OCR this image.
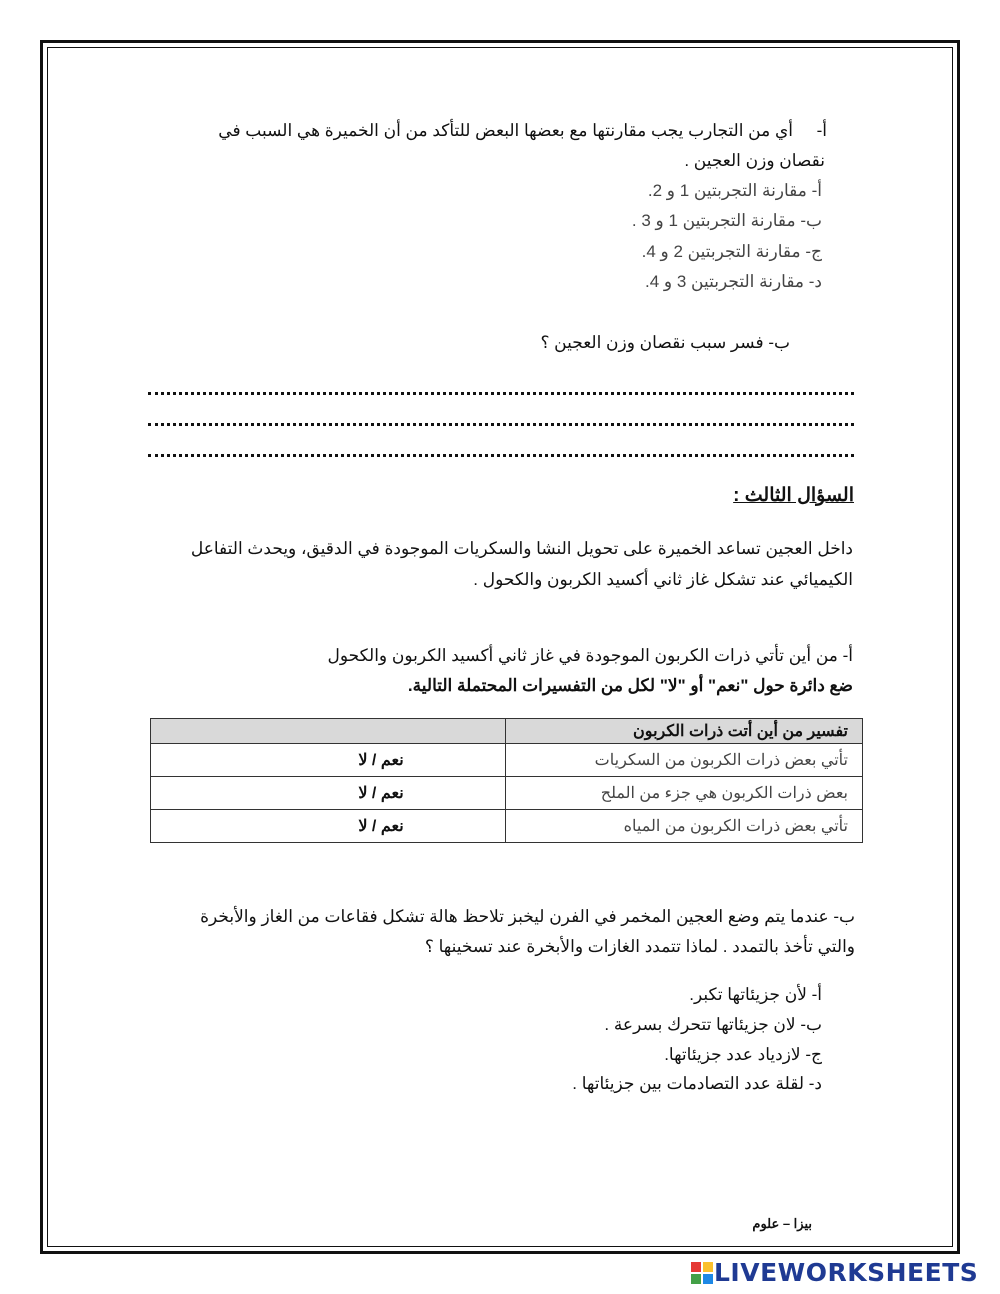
أ-
أي من التجارب يجب مقارنتها مع بعضها البعض للتأكد من أن الخميرة هي السبب في
نقصان وزن العجين .
أ- مقارنة التجربتين 1 و 2.
ب- مقارنة التجربتين 1 و 3 .
ج- مقارنة التجربتين 2 و 4.
د- مقارنة التجربتين 3 و 4.
ب- فسر سبب نقصان وزن العجين ؟
السؤال الثالث :
داخل العجين تساعد الخميرة على تحويل النشا والسكريات الموجودة في الدقيق، ويحدث التفاعل
الكيميائي عند تشكل غاز ثاني أكسيد الكربون والكحول .
أ- من أين تأتي ذرات الكربون الموجودة في غاز ثاني أكسيد الكربون والكحول
ضع دائرة حول "نعم" أو "لا" لكل من التفسيرات المحتملة التالية.
تفسير من أين أتت ذرات الكربون	
تأتي بعض ذرات الكربون من السكريات	نعم / لا
بعض ذرات الكربون هي جزء من الملح	نعم / لا
تأتي بعض ذرات الكربون من المياه	نعم / لا
ب- عندما يتم وضع العجين المخمر في الفرن ليخبز تلاحظ هالة تشكل فقاعات من الغاز والأبخرة
والتي تأخذ بالتمدد . لماذا تتمدد الغازات والأبخرة عند تسخينها ؟
أ- لأن جزيئاتها تكبر.
ب- لان جزيئاتها تتحرك بسرعة .
ج- لازدياد عدد جزيئاتها.
د- لقلة عدد التصادمات بين جزيئاتها .
بيزا – علوم
LIVEWORKSHEETS
